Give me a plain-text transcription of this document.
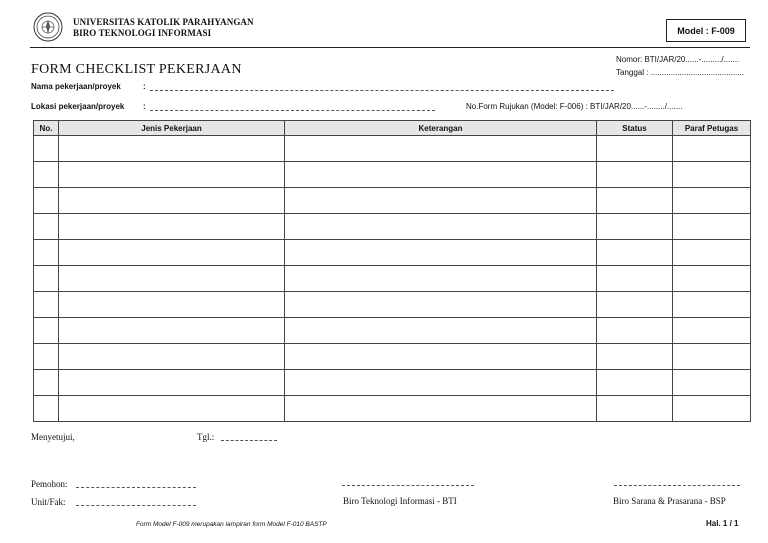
UNIVERSITAS KATOLIK PARAHYANGAN
BIRO TEKNOLOGI INFORMASI	Model : F-009
Nomor: BTI/JAR/20......-........./.......
Tanggal : ..........................................
FORM CHECKLIST PEKERJAAN
Nama pekerjaan/proyek	:
Lokasi pekerjaan/proyek :	No.Form Rujukan (Model: F-006) : BTI/JAR/20......-......../.......
No.	Jenis Pekerjaan	Keterangan	Status	Paraf Petugas

Menyetujui,	Tgl.:
Pemohon:
Unit/Fak:	Biro Teknologi Informasi - BTI	Biro Sarana & Prasarana - BSP
Form Model F-009 merupakan lampiran form Model F-010 BASTP	Hal. 1 / 1
